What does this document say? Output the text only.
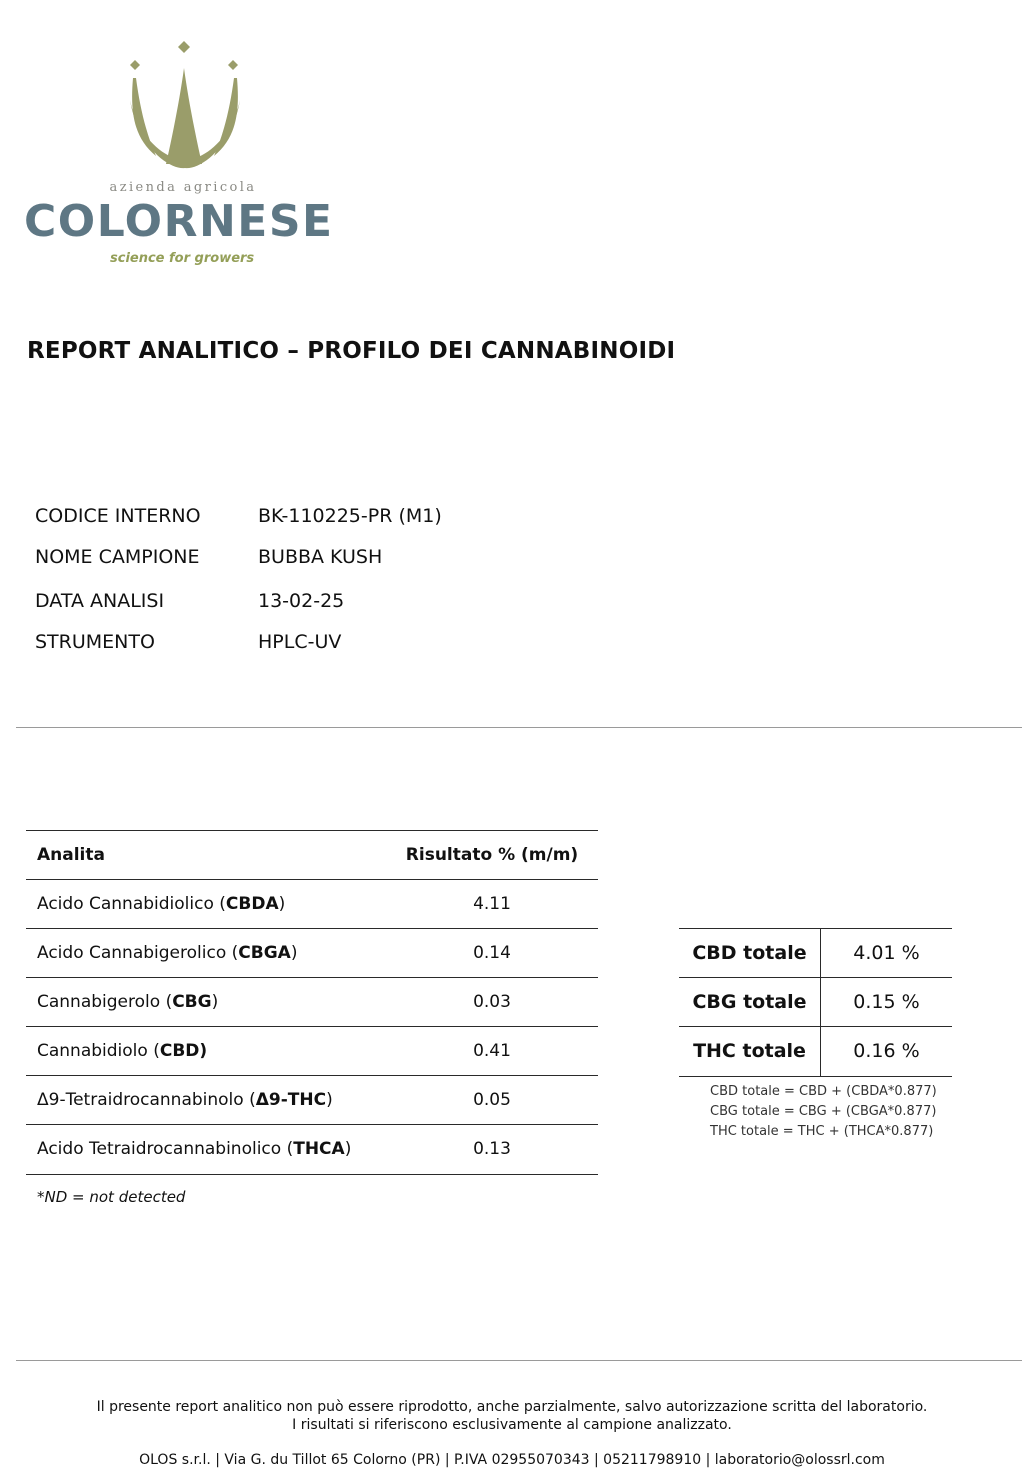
azienda agricola
COLORNESE
science for growers
REPORT ANALITICO – PROFILO DEI CANNABINOIDI
CODICE INTERNO	BK-110225-PR (M1)
NOME CAMPIONE	BUBBA KUSH
DATA ANALISI	13-02-25
STRUMENTO	HPLC-UV
Analita	Risultato % (m/m)
Acido Cannabidiolico (CBDA)	4.11
Acido Cannabigerolico (CBGA)	0.14
Cannabigerolo (CBG)	0.03
Cannabidiolo (CBD)	0.41
Δ9-Tetraidrocannabinolo (Δ9-THC)	0.05
Acido Tetraidrocannabinolico (THCA)	0.13
*ND = not detected
CBD totale	4.01 %
CBG totale	0.15 %
THC totale	0.16 %
CBD totale = CBD + (CBDA*0.877)
CBG totale = CBG + (CBGA*0.877)
THC totale = THC + (THCA*0.877)
Il presente report analitico non può essere riprodotto, anche parzialmente, salvo autorizzazione scritta del laboratorio.
I risultati si riferiscono esclusivamente al campione analizzato.
OLOS s.r.l. | Via G. du Tillot 65 Colorno (PR) | P.IVA 02955070343 | 05211798910 | laboratorio@olossrl.com
